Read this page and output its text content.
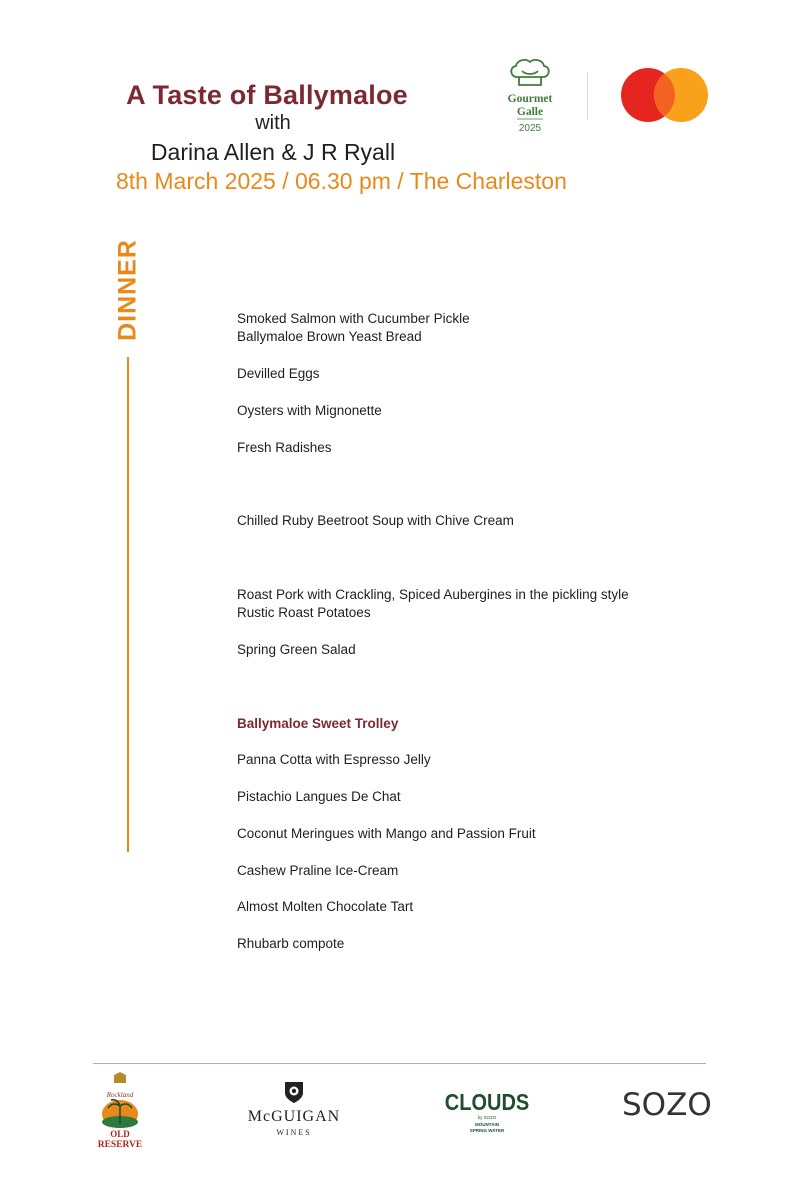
A Taste of Ballymaloe
with
Darina Allen & J R Ryall
8th March 2025 / 06.30 pm / The Charleston
Gourmet
Galle
2025
DINNER	Smoked Salmon with Cucumber Pickle
Ballymaloe Brown Yeast Bread
Devilled Eggs
Oysters with Mignonette
Fresh Radishes
Chilled Ruby Beetroot Soup with Chive Cream
Roast Pork with Crackling, Spiced Aubergines in the pickling style
Rustic Roast Potatoes
Spring Green Salad
Ballymaloe Sweet Trolley
Panna Cotta with Espresso Jelly
Pistachio Langues De Chat
Coconut Meringues with Mango and Passion Fruit
Cashew Praline Ice-Cream
Almost Molten Chocolate Tart
Rhubarb compote
Rockland
OLD
RESERVE
McGUIGAN
WINES
CLOUDS
by SOZO
MOUNTAIN
SPRING WATER
SOZO
